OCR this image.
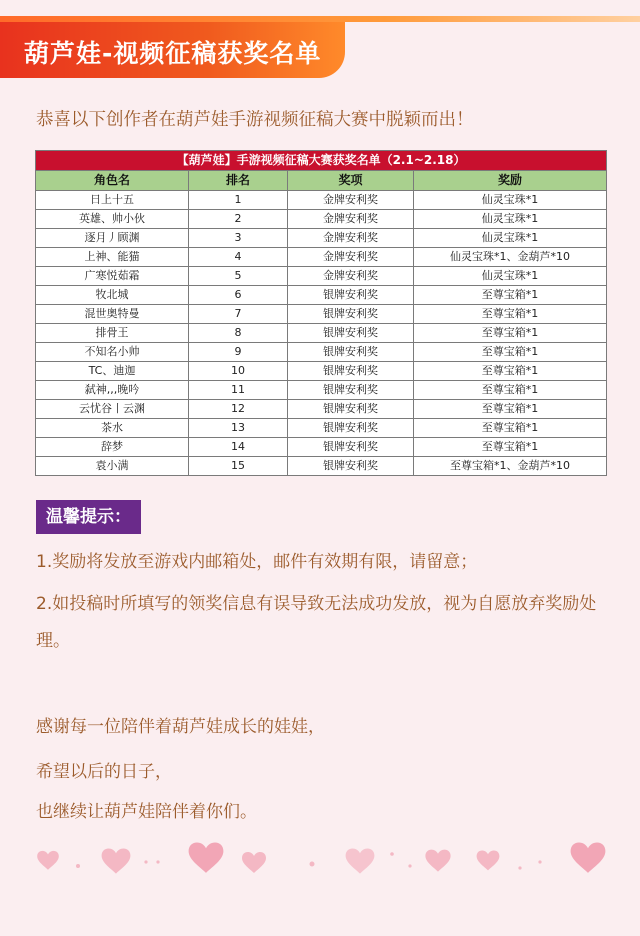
葫芦娃-视频征稿获奖名单
恭喜以下创作者在葫芦娃手游视频征稿大赛中脱颖而出！
【葫芦娃】手游视频征稿大赛获奖名单（2.1~2.18）			
角色名	排名	奖项	奖励
日上十五	1	金牌安利奖	仙灵宝珠*1
英雄、帅小伙	2	金牌安利奖	仙灵宝珠*1
逐月丿顾渊	3	金牌安利奖	仙灵宝珠*1
上神、能猫	4	金牌安利奖	仙灵宝珠*1、金葫芦*10
广寒悦茹霜	5	金牌安利奖	仙灵宝珠*1
牧北城	6	银牌安利奖	至尊宝箱*1
混世奥特曼	7	银牌安利奖	至尊宝箱*1
排骨王	8	银牌安利奖	至尊宝箱*1
不知名小帅	9	银牌安利奖	至尊宝箱*1
TC、迪迦	10	银牌安利奖	至尊宝箱*1
弑神,,,晚吟	11	银牌安利奖	至尊宝箱*1
云忧谷丨云渊	12	银牌安利奖	至尊宝箱*1
茶水	13	银牌安利奖	至尊宝箱*1
辞梦	14	银牌安利奖	至尊宝箱*1
袁小满	15	银牌安利奖	至尊宝箱*1、金葫芦*10
温馨提示：
1.奖励将发放至游戏内邮箱处，邮件有效期有限，请留意；
2.如投稿时所填写的领奖信息有误导致无法成功发放，视为自愿放弃奖励处理。
感谢每一位陪伴着葫芦娃成长的娃娃，
希望以后的日子，
也继续让葫芦娃陪伴着你们。
